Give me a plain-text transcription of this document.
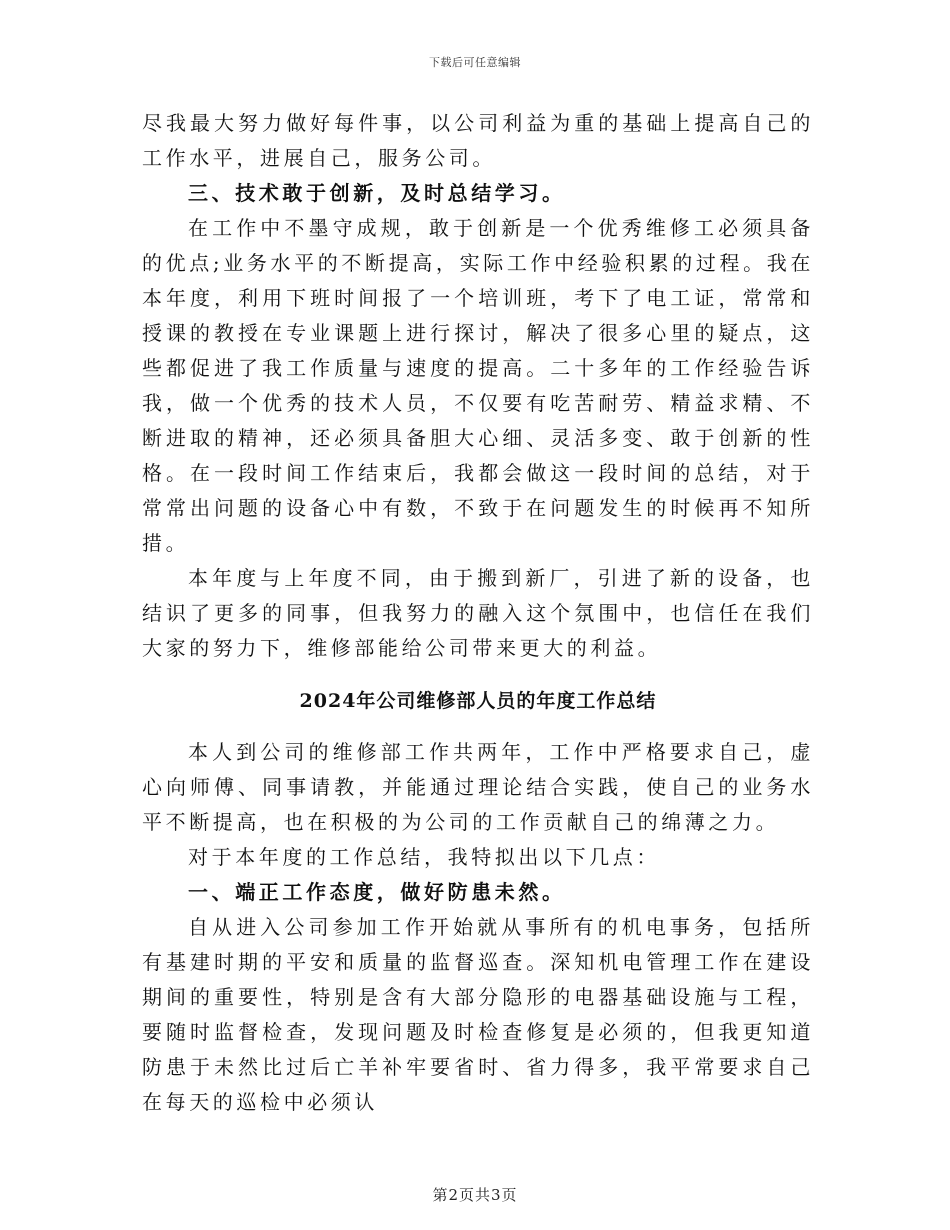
下载后可任意编辑

尽我最大努力做好每件事，以公司利益为重的基础上提高自己的工作水平，进展自己，服务公司。

三、技术敢于创新，及时总结学习。

在工作中不墨守成规，敢于创新是一个优秀维修工必须具备的优点;业务水平的不断提高，实际工作中经验积累的过程。我在本年度，利用下班时间报了一个培训班，考下了电工证，常常和授课的教授在专业课题上进行探讨，解决了很多心里的疑点，这些都促进了我工作质量与速度的提高。二十多年的工作经验告诉我，做一个优秀的技术人员，不仅要有吃苦耐劳、精益求精、不断进取的精神，还必须具备胆大心细、灵活多变、敢于创新的性格。在一段时间工作结束后，我都会做这一段时间的总结，对于常常出问题的设备心中有数，不致于在问题发生的时候再不知所措。

本年度与上年度不同，由于搬到新厂，引进了新的设备，也结识了更多的同事，但我努力的融入这个氛围中，也信任在我们大家的努力下，维修部能给公司带来更大的利益。

2024年公司维修部人员的年度工作总结

本人到公司的维修部工作共两年，工作中严格要求自己，虚心向师傅、同事请教，并能通过理论结合实践，使自己的业务水平不断提高，也在积极的为公司的工作贡献自己的绵薄之力。

对于本年度的工作总结，我特拟出以下几点：

一、端正工作态度，做好防患未然。

自从进入公司参加工作开始就从事所有的机电事务，包括所有基建时期的平安和质量的监督巡查。深知机电管理工作在建设期间的重要性，特别是含有大部分隐形的电器基础设施与工程，要随时监督检查，发现问题及时检查修复是必须的，但我更知道防患于未然比过后亡羊补牢要省时、省力得多，我平常要求自己在每天的巡检中必须认

第2页共3页
